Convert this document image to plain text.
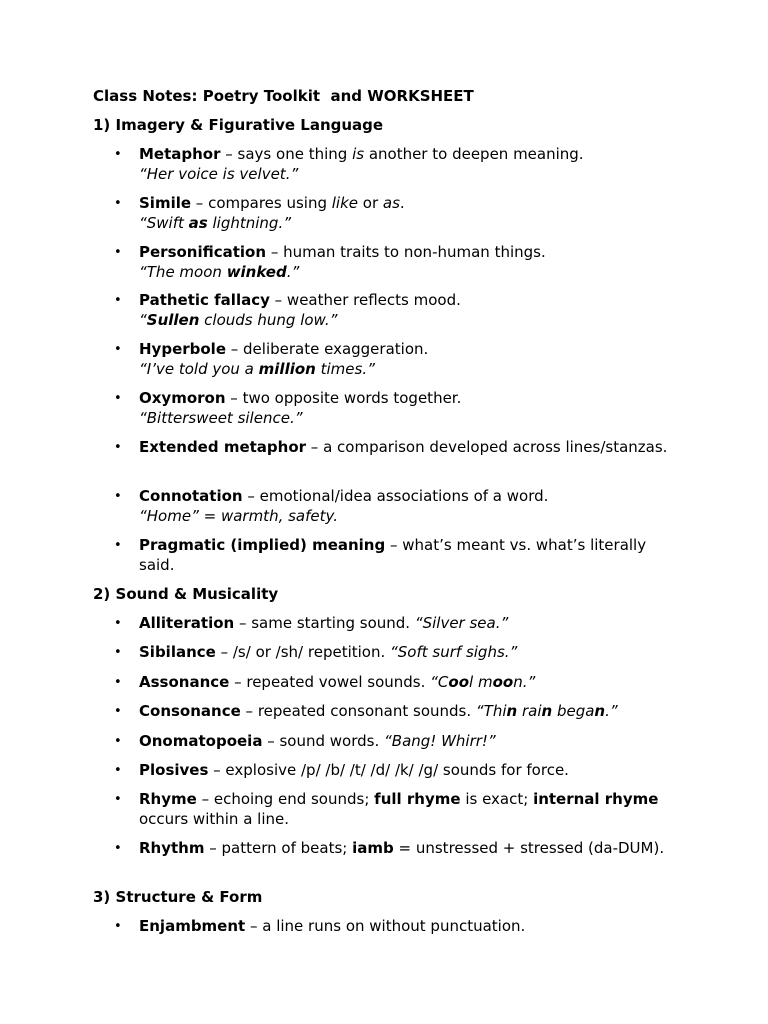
Class Notes: Poetry Toolkit  and WORKSHEET
1) Imagery & Figurative Language
• Metaphor – says one thing is another to deepen meaning.
“Her voice is velvet.”
• Simile – compares using like or as.
“Swift as lightning.”
• Personification – human traits to non-human things.
“The moon winked.”
• Pathetic fallacy – weather reflects mood.
“Sullen clouds hung low.”
• Hyperbole – deliberate exaggeration.
“I’ve told you a million times.”
• Oxymoron – two opposite words together.
“Bittersweet silence.”
• Extended metaphor – a comparison developed across lines/stanzas.
• Connotation – emotional/idea associations of a word.
“Home” = warmth, safety.
• Pragmatic (implied) meaning – what’s meant vs. what’s literally said.
2) Sound & Musicality
• Alliteration – same starting sound. “Silver sea.”
• Sibilance – /s/ or /sh/ repetition. “Soft surf sighs.”
• Assonance – repeated vowel sounds. “Cool moon.”
• Consonance – repeated consonant sounds. “Thin rain began.”
• Onomatopoeia – sound words. “Bang! Whirr!”
• Plosives – explosive /p/ /b/ /t/ /d/ /k/ /g/ sounds for force.
• Rhyme – echoing end sounds; full rhyme is exact; internal rhyme occurs within a line.
• Rhythm – pattern of beats; iamb = unstressed + stressed (da-DUM).
3) Structure & Form
• Enjambment – a line runs on without punctuation.
